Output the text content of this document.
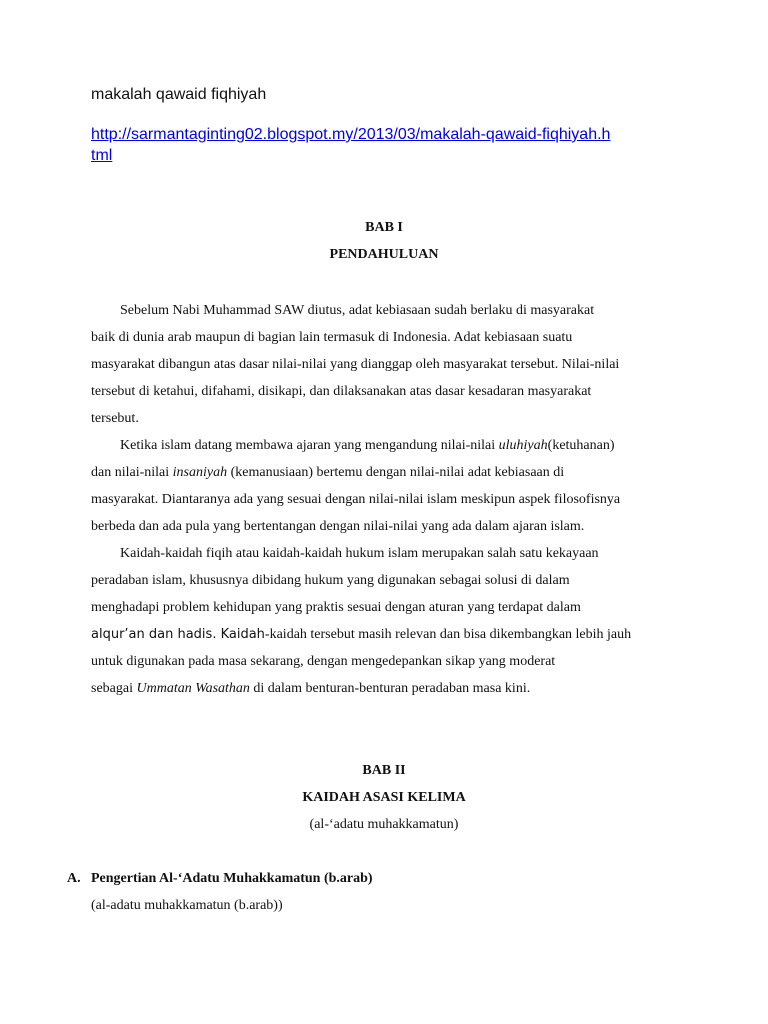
makalah qawaid fiqhiyah
http://sarmantaginting02.blogspot.my/2013/03/makalah-qawaid-fiqhiyah.html
BAB I
PENDAHULUAN
Sebelum Nabi Muhammad SAW diutus, adat kebiasaan sudah berlaku di masyarakat
baik di dunia arab maupun di bagian lain termasuk di Indonesia. Adat kebiasaan suatu
masyarakat dibangun atas dasar nilai-nilai yang dianggap oleh masyarakat tersebut. Nilai-nilai
tersebut di ketahui, difahami, disikapi, dan dilaksanakan atas dasar kesadaran masyarakat
tersebut.
Ketika islam datang membawa ajaran yang mengandung nilai-nilai uluhiyah(ketuhanan)
dan nilai-nilai insaniyah (kemanusiaan) bertemu dengan nilai-nilai adat kebiasaan di
masyarakat. Diantaranya ada yang sesuai dengan nilai-nilai islam meskipun aspek filosofisnya
berbeda dan ada pula yang bertentangan dengan nilai-nilai yang ada dalam ajaran islam.
Kaidah-kaidah fiqih atau kaidah-kaidah hukum islam merupakan salah satu kekayaan
peradaban islam, khususnya dibidang hukum yang digunakan sebagai solusi di dalam
menghadapi problem kehidupan yang praktis sesuai dengan aturan yang terdapat dalam
alqur’an dan hadis. Kaidah-kaidah tersebut masih relevan dan bisa dikembangkan lebih jauh
untuk digunakan pada masa sekarang, dengan mengedepankan sikap yang moderat
sebagai Ummatan Wasathan di dalam benturan-benturan peradaban masa kini.
BAB II
KAIDAH ASASI KELIMA
(al-‘adatu muhakkamatun)
A. Pengertian Al-‘Adatu Muhakkamatun (b.arab)
(al-adatu muhakkamatun (b.arab))
